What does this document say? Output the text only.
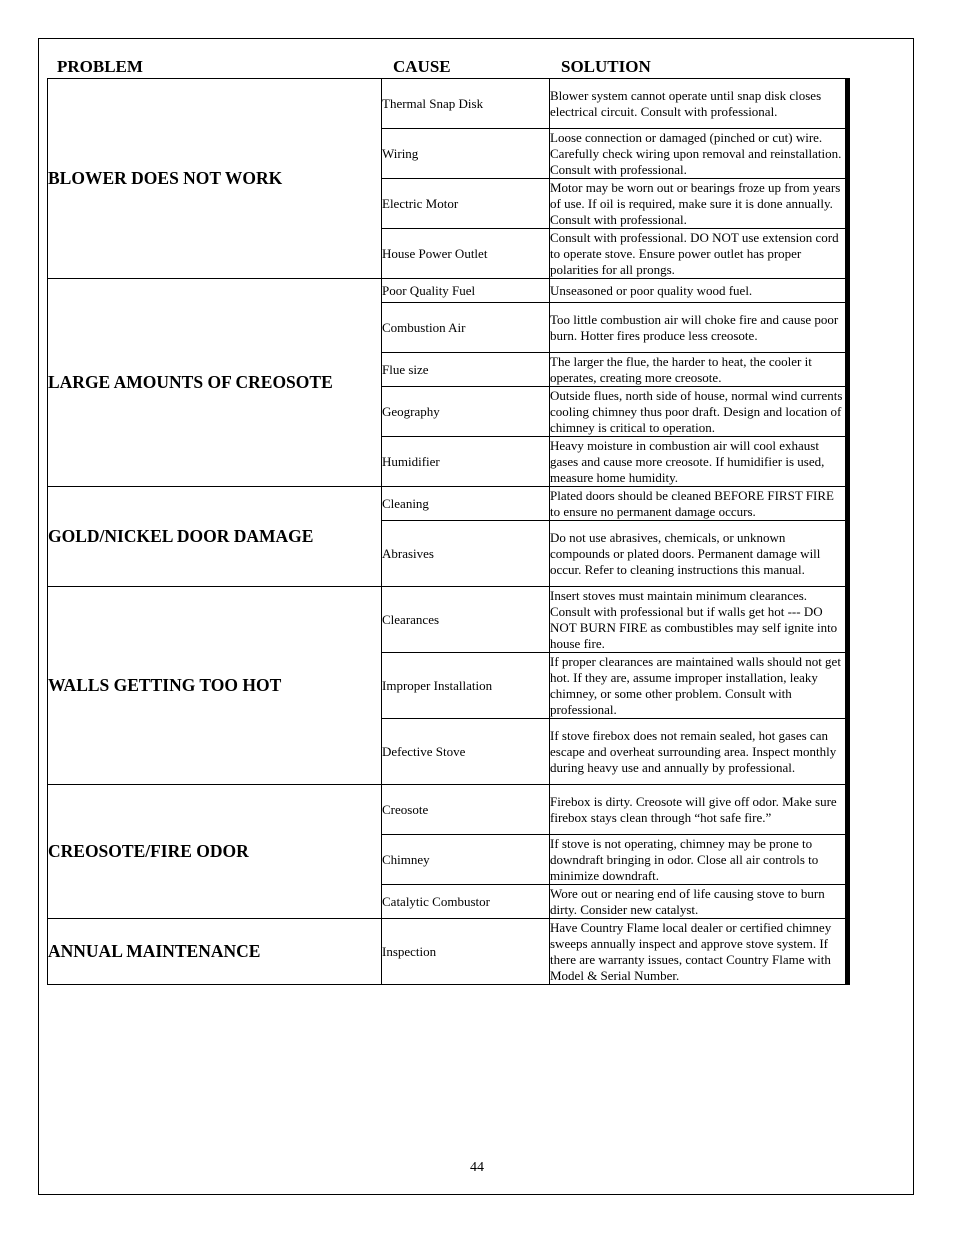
PROBLEM	CAUSE	SOLUTION
BLOWER DOES NOT WORK	Thermal Snap Disk	Blower system cannot operate until snap disk closes electrical circuit. Consult with professional.
	Wiring	Loose connection or damaged (pinched or cut) wire. Carefully check wiring upon removal and reinstallation. Consult with professional.
	Electric Motor	Motor may be worn out or bearings froze up from years of use. If oil is required, make sure it is done annually. Consult with professional.
	House Power Outlet	Consult with professional. DO NOT use extension cord to operate stove. Ensure power outlet has proper polarities for all prongs.
LARGE AMOUNTS OF CREOSOTE	Poor Quality Fuel	Unseasoned or poor quality wood fuel.
	Combustion Air	Too little combustion air will choke fire and cause poor burn. Hotter fires produce less creosote.
	Flue size	The larger the flue, the harder to heat, the cooler it operates, creating more creosote.
	Geography	Outside flues, north side of house, normal wind currents cooling chimney thus poor draft. Design and location of chimney is critical to operation.
	Humidifier	Heavy moisture in combustion air will cool exhaust gases and cause more creosote. If humidifier is used, measure home humidity.
GOLD/NICKEL DOOR DAMAGE	Cleaning	Plated doors should be cleaned BEFORE FIRST FIRE to ensure no permanent damage occurs.
	Abrasives	Do not use abrasives, chemicals, or unknown compounds or plated doors. Permanent damage will occur. Refer to cleaning instructions this manual.
WALLS GETTING TOO HOT	Clearances	Insert stoves must maintain minimum clearances. Consult with professional but if walls get hot --- DO NOT BURN FIRE as combustibles may self ignite into house fire.
	Improper Installation	If proper clearances are maintained walls should not get hot. If they are, assume improper installation, leaky chimney, or some other problem. Consult with professional.
	Defective Stove	If stove firebox does not remain sealed, hot gases can escape and overheat surrounding area. Inspect monthly during heavy use and annually by professional.
CREOSOTE/FIRE ODOR	Creosote	Firebox is dirty. Creosote will give off odor. Make sure firebox stays clean through “hot safe fire.”
	Chimney	If stove is not operating, chimney may be prone to downdraft bringing in odor. Close all air controls to minimize downdraft.
	Catalytic Combustor	Wore out or nearing end of life causing stove to burn dirty. Consider new catalyst.
ANNUAL MAINTENANCE	Inspection	Have Country Flame local dealer or certified chimney sweeps annually inspect and approve stove system. If there are warranty issues, contact Country Flame with Model & Serial Number.
44
